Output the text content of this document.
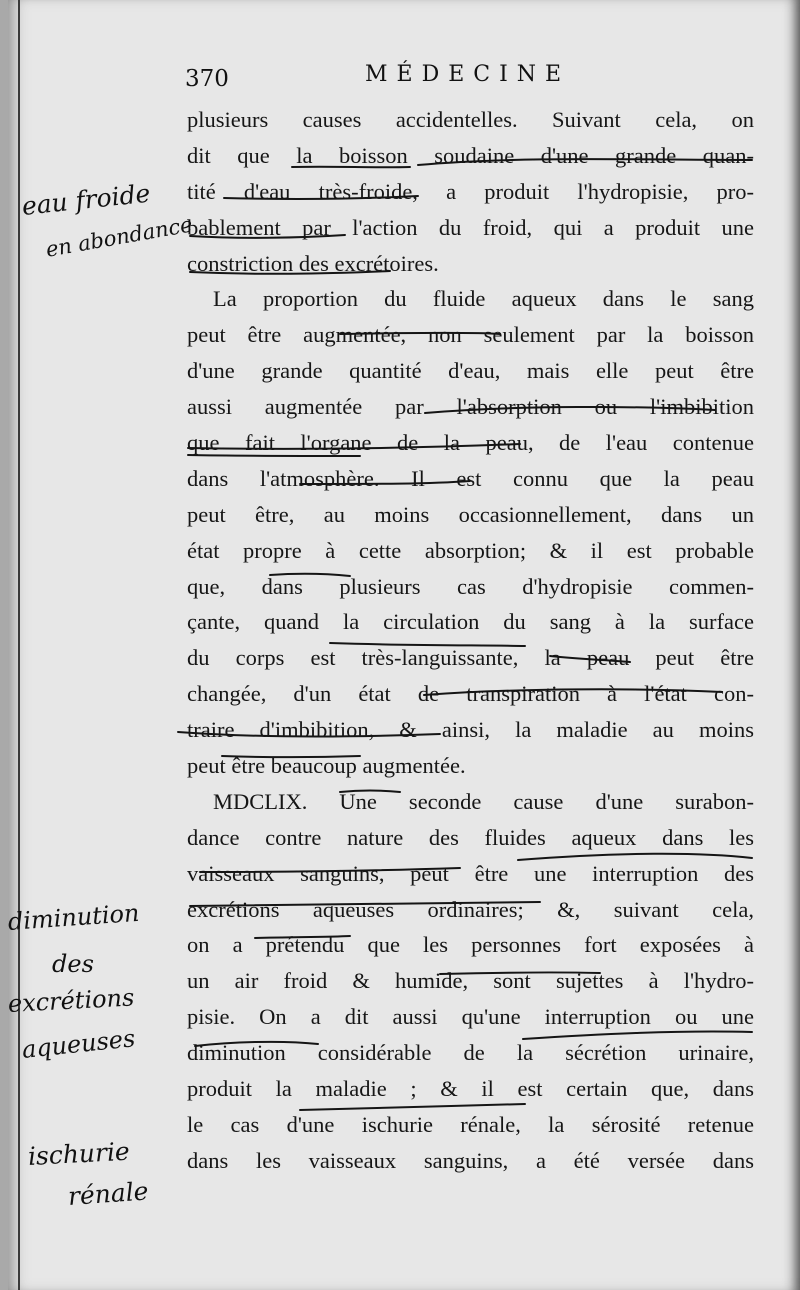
370	MÉDECINE
plusieurs causes accidentelles. Suivant cela, on
dit que la boisson soudaine d'une grande quan-
tité d'eau très-froide, a produit l'hydropisie, pro-
bablement par l'action du froid, qui a produit une
constriction des excrétoires.
La proportion du fluide aqueux dans le sang
peut être augmentée, non seulement par la boisson
d'une grande quantité d'eau, mais elle peut être
aussi augmentée par l'absorption ou l'imbibition
que fait l'organe de la peau, de l'eau contenue
dans l'atmosphère. Il est connu que la peau
peut être, au moins occasionnellement, dans un
état propre à cette absorption; & il est probable
que, dans plusieurs cas d'hydropisie commen-
çante, quand la circulation du sang à la surface
du corps est très-languissante, la peau peut être
changée, d'un état de transpiration à l'état con-
traire d'imbibition, & ainsi, la maladie au moins
peut être beaucoup augmentée.
MDCLIX. Une seconde cause d'une surabon-
dance contre nature des fluides aqueux dans les
vaisseaux sanguins, peut être une interruption des
excrétions aqueuses ordinaires; &, suivant cela,
on a prétendu que les personnes fort exposées à
un air froid & humide, sont sujettes à l'hydro-
pisie. On a dit aussi qu'une interruption ou une
diminution considérable de la sécrétion urinaire,
produit la maladie ; & il est certain que, dans
le cas d'une ischurie rénale, la sérosité retenue
dans les vaisseaux sanguins, a été versée dans
eau froide
en abondance
diminution
des
excrétions
aqueuses
ischurie
rénale
